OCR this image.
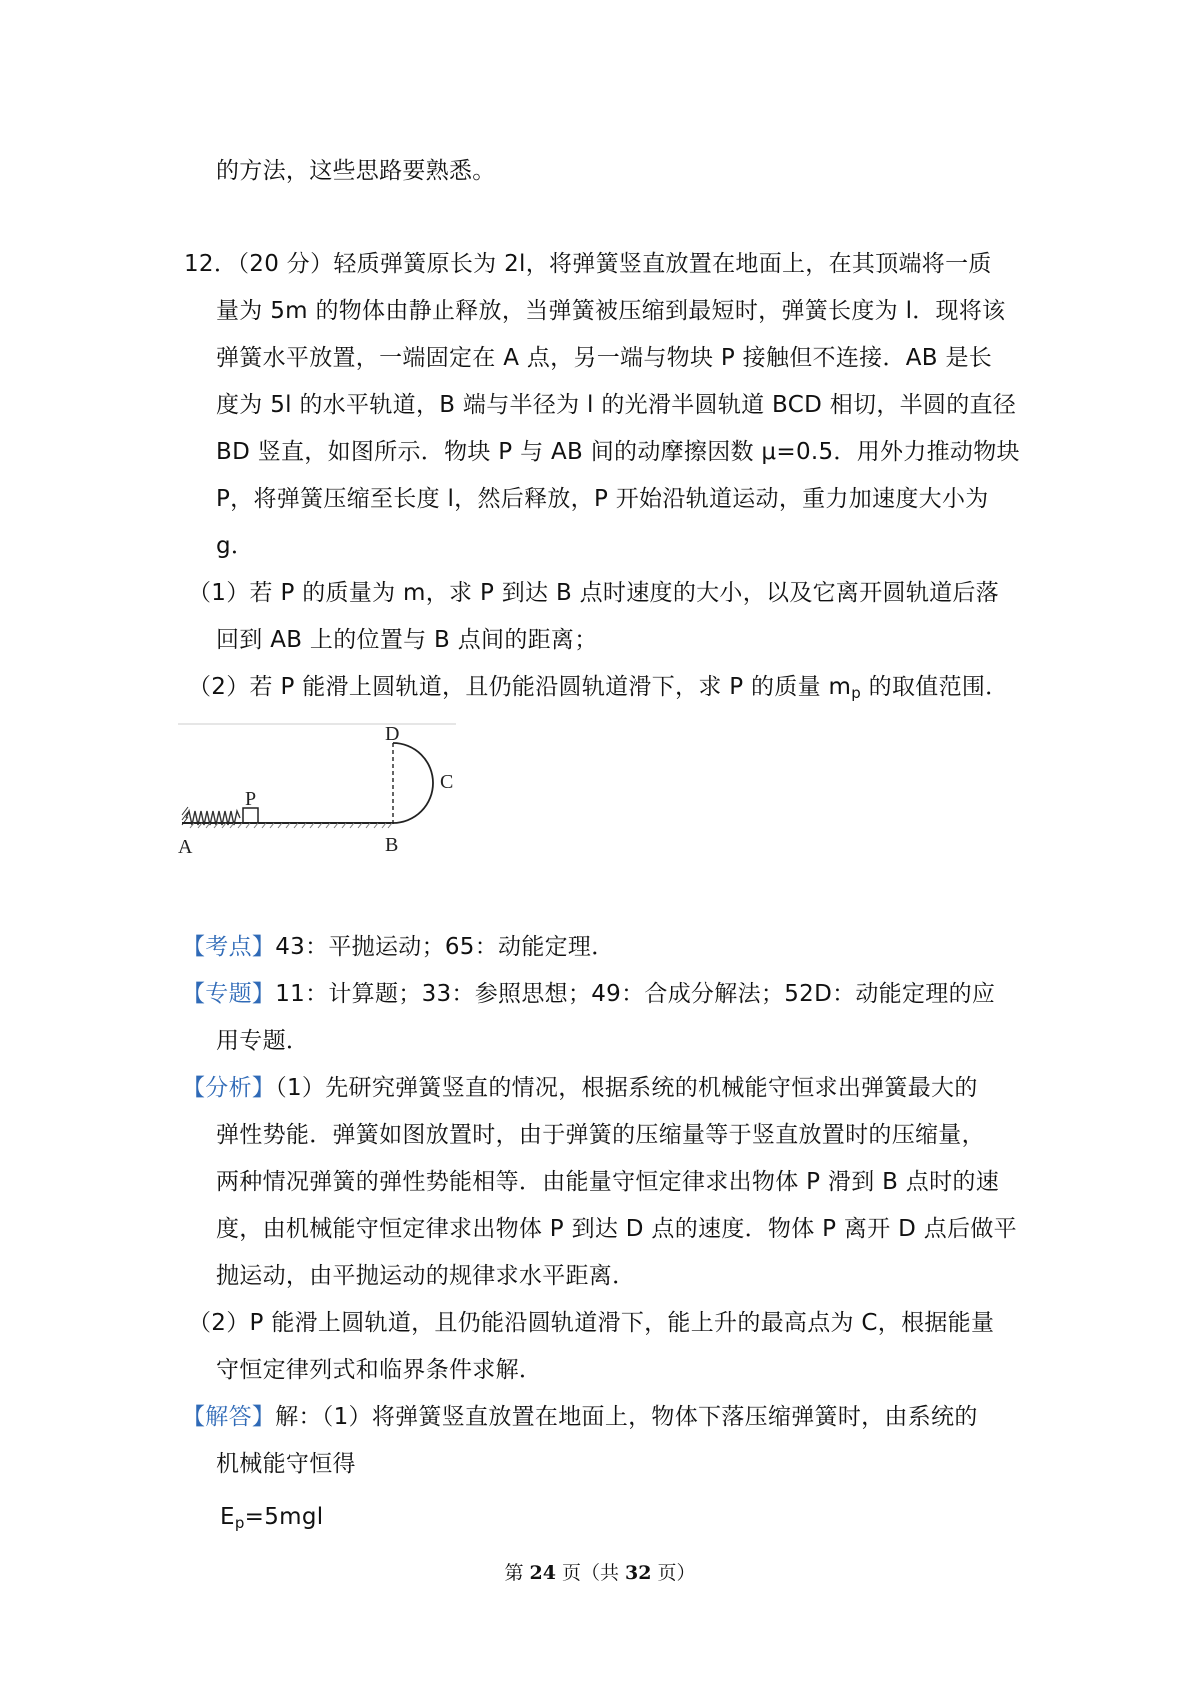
的方法，这些思路要熟悉。
12．
（20 分）轻质弹簧原长为 2l，将弹簧竖直放置在地面上，在其顶端将一质
量为 5m 的物体由静止释放，当弹簧被压缩到最短时，弹簧长度为 l．现将该
弹簧水平放置，一端固定在 A 点，另一端与物块 P 接触但不连接．AB 是长
度为 5l 的水平轨道，B 端与半径为 l 的光滑半圆轨道 BCD 相切，半圆的直径
BD 竖直，如图所示．物块 P 与 AB 间的动摩擦因数 μ=0.5．用外力推动物块
P，将弹簧压缩至长度 l，然后释放，P 开始沿轨道运动，重力加速度大小为
g．
（1）若 P 的质量为 m，求 P 到达 B 点时速度的大小，以及它离开圆轨道后落
回到 AB 上的位置与 B 点间的距离；
（2）若 P 能滑上圆轨道，且仍能沿圆轨道滑下，求 P 的质量 $m_p$ 的取值范围．
D
C
P
A	B
【考点】43：平抛运动；65：动能定理．
【专题】11：计算题；33：参照思想；49：合成分解法；52D：动能定理的应
用专题．
【分析】（1）先研究弹簧竖直的情况，根据系统的机械能守恒求出弹簧最大的
弹性势能．弹簧如图放置时，由于弹簧的压缩量等于竖直放置时的压缩量，
两种情况弹簧的弹性势能相等．由能量守恒定律求出物体 P 滑到 B 点时的速
度，由机械能守恒定律求出物体 P 到达 D 点的速度．物体 P 离开 D 点后做平
抛运动，由平抛运动的规律求水平距离．
（2）P 能滑上圆轨道，且仍能沿圆轨道滑下，能上升的最高点为 C，根据能量
守恒定律列式和临界条件求解．
【解答】解：（1）将弹簧竖直放置在地面上，物体下落压缩弹簧时，由系统的
机械能守恒得
$E_p=5mgl$
第 24 页（共 32 页）
